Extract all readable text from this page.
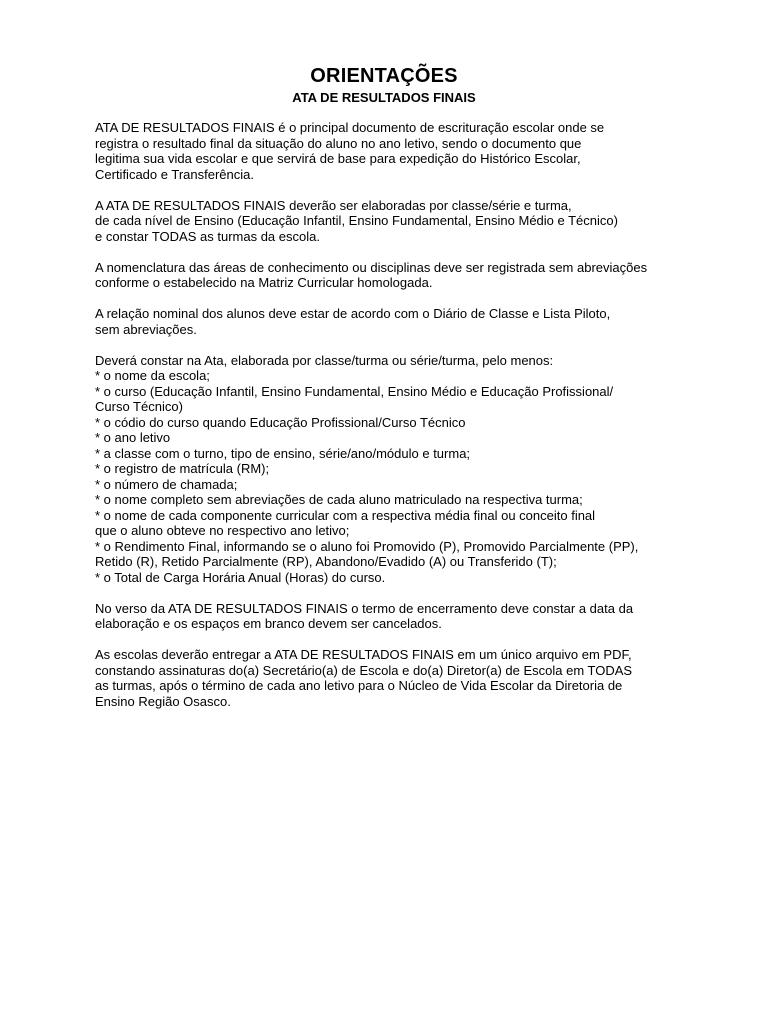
ORIENTAÇÕES
ATA DE RESULTADOS FINAIS
ATA DE RESULTADOS FINAIS é o principal documento de escrituração escolar onde se
registra o resultado final da situação do aluno no ano letivo, sendo o documento que
legitima sua vida escolar e que servirá de base para expedição do Histórico Escolar,
Certificado e Transferência.
A ATA DE RESULTADOS FINAIS deverão ser elaboradas por classe/série e turma,
de cada nível de Ensino (Educação Infantil, Ensino Fundamental, Ensino Médio e Técnico)
e constar TODAS as turmas da escola.
A nomenclatura das áreas de conhecimento ou disciplinas deve ser registrada sem abreviações
conforme o estabelecido na Matriz Curricular homologada.
A relação nominal dos alunos deve estar de acordo com o Diário de Classe e Lista Piloto,
sem abreviações.
Deverá constar na Ata, elaborada por classe/turma ou série/turma, pelo menos:
* o nome da escola;
* o curso (Educação Infantil, Ensino Fundamental, Ensino Médio e Educação Profissional/
Curso Técnico)
* o códio do curso quando Educação Profissional/Curso Técnico
* o ano letivo
* a classe com o turno, tipo de ensino, série/ano/módulo e turma;
* o registro de matrícula (RM);
* o número de chamada;
* o nome completo sem abreviações de cada aluno matriculado na respectiva turma;
* o nome de cada componente curricular com a respectiva média final ou conceito final
que o aluno obteve no respectivo ano letivo;
* o Rendimento Final, informando se o aluno foi Promovido (P), Promovido Parcialmente (PP),
Retido (R), Retido Parcialmente (RP), Abandono/Evadido (A) ou Transferido (T);
* o Total de Carga Horária Anual (Horas) do curso.
No verso da ATA DE RESULTADOS FINAIS o termo de encerramento deve constar a data da
elaboração e os espaços em branco devem ser cancelados.
As escolas deverão entregar a ATA DE RESULTADOS FINAIS em um único arquivo em PDF,
constando assinaturas do(a) Secretário(a) de Escola e do(a) Diretor(a) de Escola em TODAS
as turmas, após o término de cada ano letivo para o Núcleo de Vida Escolar da Diretoria de
Ensino Região Osasco.
